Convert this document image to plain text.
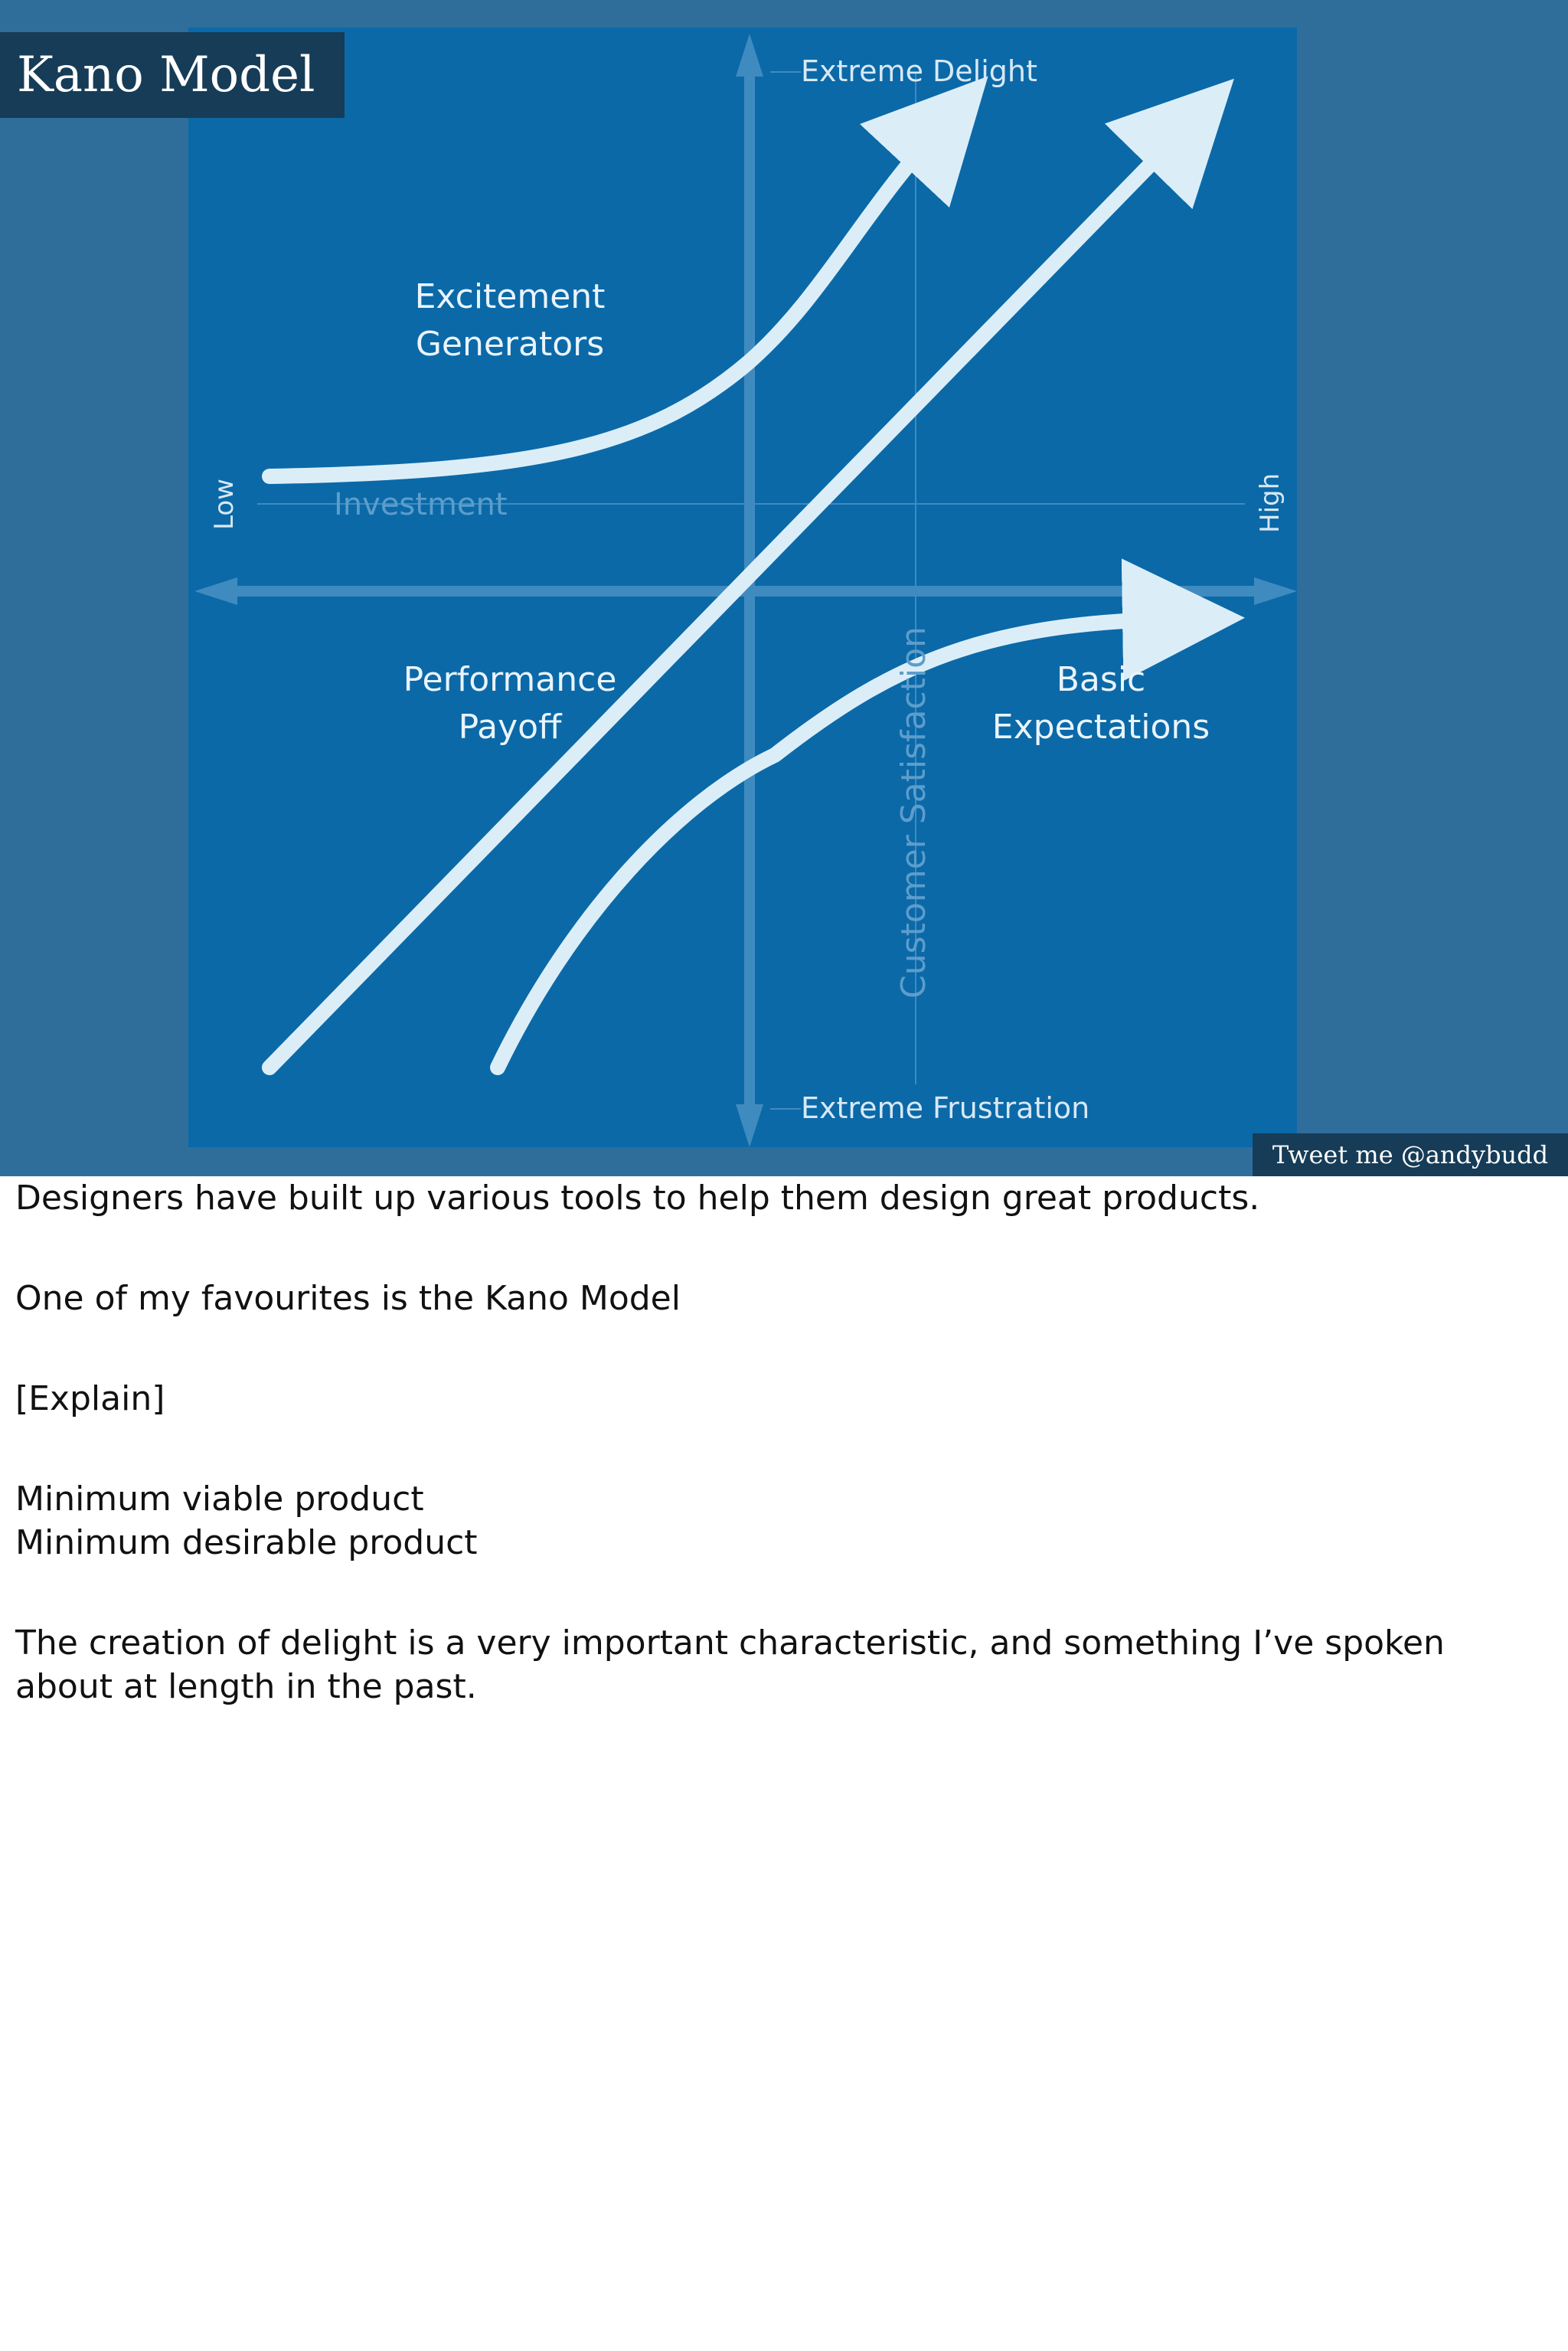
Extreme Delight
Extreme Frustration
Investment
Low	High
Customer Satisfaction
Excitement
Generators
Performance
Payoff
Basic
Expectations
Kano Model
Tweet me @andybudd

Designers have built up various tools to help them design great products.

One of my favourites is the Kano Model

[Explain]

Minimum viable product

Minimum desirable product

The creation of delight is a very important characteristic, and something I’ve spoken about at length in the past.
